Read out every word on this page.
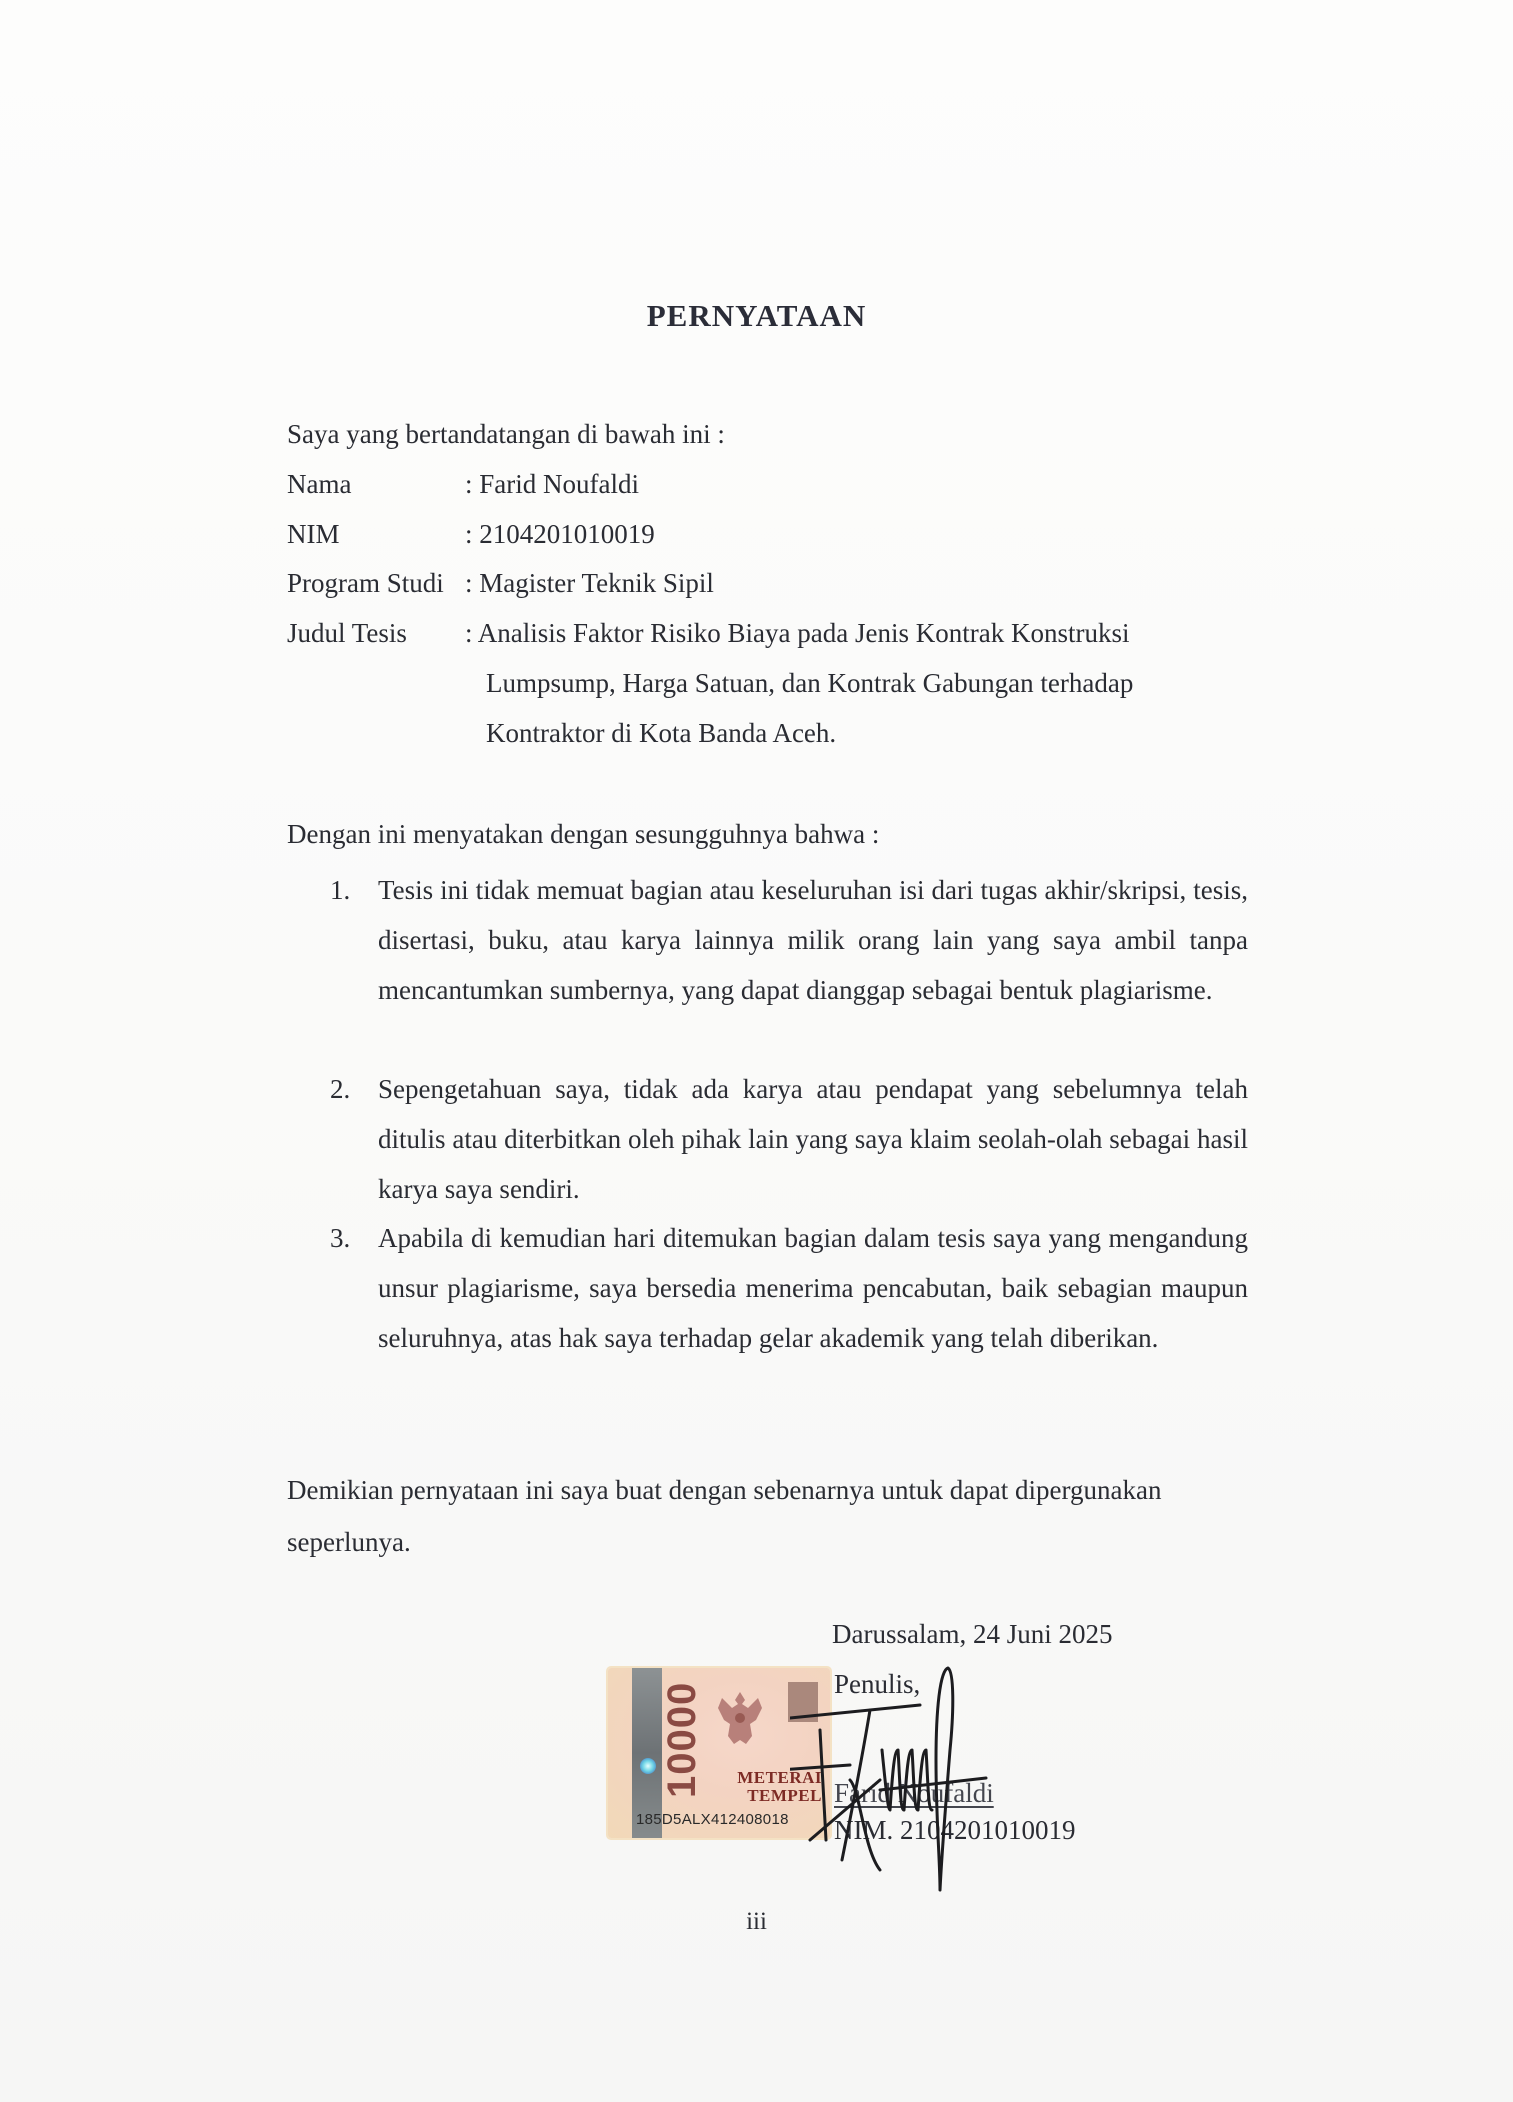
PERNYATAAN
Saya yang bertandatangan di bawah ini :
Nama	: Farid Noufaldi
NIM	: 2104201010019
Program Studi : Magister Teknik Sipil
Judul Tesis : Analisis Faktor Risiko Biaya pada Jenis Kontrak Konstruksi
Lumpsump, Harga Satuan, dan Kontrak Gabungan terhadap
Kontraktor di Kota Banda Aceh.
Dengan ini menyatakan dengan sesungguhnya bahwa :
1. Tesis ini tidak memuat bagian atau keseluruhan isi dari tugas akhir/skripsi, tesis, disertasi, buku, atau karya lainnya milik orang lain yang saya ambil tanpa mencantumkan sumbernya, yang dapat dianggap sebagai bentuk plagiarisme.
2. Sepengetahuan saya, tidak ada karya atau pendapat yang sebelumnya telah ditulis atau diterbitkan oleh pihak lain yang saya klaim seolah-olah sebagai hasil karya saya sendiri.
3. Apabila di kemudian hari ditemukan bagian dalam tesis saya yang mengandung unsur plagiarisme, saya bersedia menerima pencabutan, baik sebagian maupun seluruhnya, atas hak saya terhadap gelar akademik yang telah diberikan.
Demikian pernyataan ini saya buat dengan sebenarnya untuk dapat dipergunakan seperlunya.
Darussalam, 24 Juni 2025
10000 METERAI
TEMPEL
185D5ALX412408018
Penulis,
Farid Noufaldi
NIM. 2104201010019
iii
